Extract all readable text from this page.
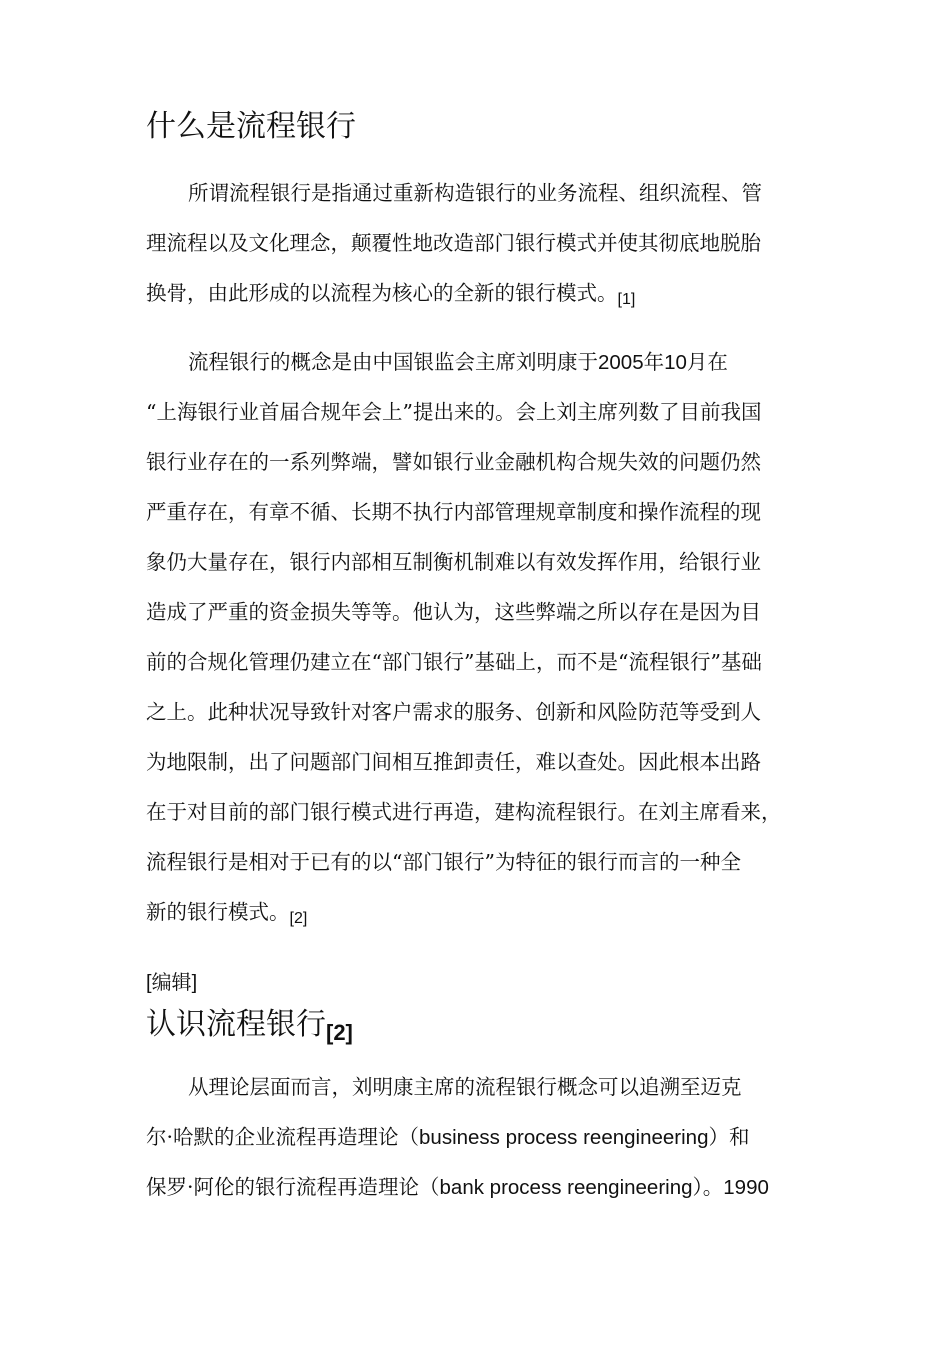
什么是流程银行

所谓流程银行是指通过重新构造银行的业务流程、组织流程、管
理流程以及文化理念，颠覆性地改造部门银行模式并使其彻底地脱胎
换骨，由此形成的以流程为核心的全新的银行模式。[1]

流程银行的概念是由中国银监会主席刘明康于2005年10月在
“上海银行业首届合规年会上”提出来的。会上刘主席列数了目前我国
银行业存在的一系列弊端，譬如银行业金融机构合规失效的问题仍然
严重存在，有章不循、长期不执行内部管理规章制度和操作流程的现
象仍大量存在，银行内部相互制衡机制难以有效发挥作用，给银行业
造成了严重的资金损失等等。他认为，这些弊端之所以存在是因为目
前的合规化管理仍建立在“部门银行”基础上，而不是“流程银行”基础
之上。此种状况导致针对客户需求的服务、创新和风险防范等受到人
为地限制，出了问题部门间相互推卸责任，难以查处。因此根本出路
在于对目前的部门银行模式进行再造，建构流程银行。在刘主席看来，
流程银行是相对于已有的以“部门银行”为特征的银行而言的一种全
新的银行模式。[2]

[编辑]
认识流程银行$_{[2]}$

从理论层面而言，刘明康主席的流程银行概念可以追溯至迈克
尔·哈默的企业流程再造理论（business process reengineering）和
保罗·阿伦的银行流程再造理论（bank process reengineering）。1990
